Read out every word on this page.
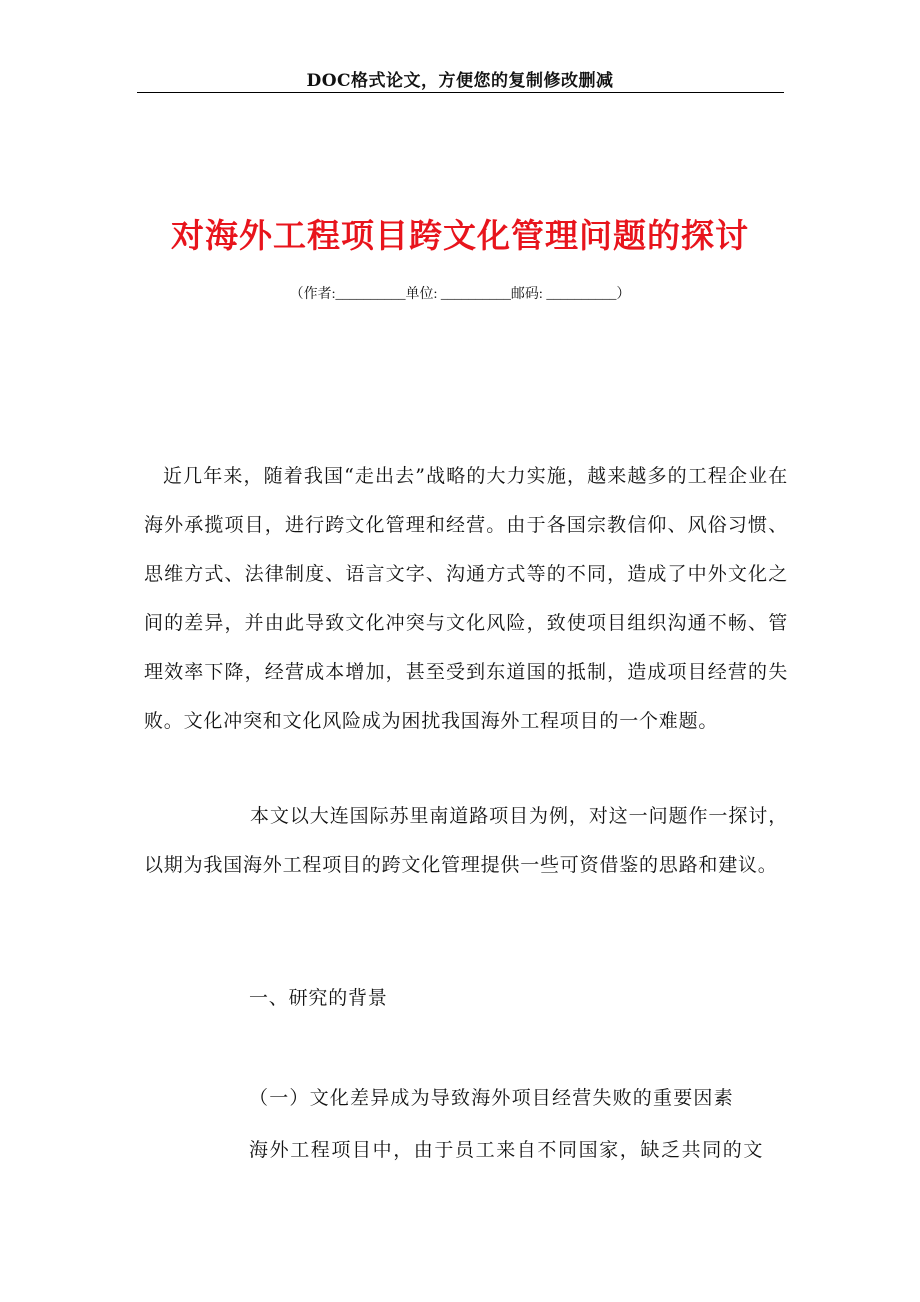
DOC格式论文，方便您的复制修改删减
对海外工程项目跨文化管理问题的探讨
（作者:__________单位: __________邮码: __________）

近几年来，随着我国“走出去”战略的大力实施，越来越多的工程企业在海外承揽项目，进行跨文化管理和经营。由于各国宗教信仰、风俗习惯、思维方式、法律制度、语言文字、沟通方式等的不同，造成了中外文化之间的差异，并由此导致文化冲突与文化风险，致使项目组织沟通不畅、管理效率下降，经营成本增加，甚至受到东道国的抵制，造成项目经营的失败。文化冲突和文化风险成为困扰我国海外工程项目的一个难题。

本文以大连国际苏里南道路项目为例，对这一问题作一探讨，以期为我国海外工程项目的跨文化管理提供一些可资借鉴的思路和建议。

一、研究的背景

（一）文化差异成为导致海外项目经营失败的重要因素

海外工程项目中，由于员工来自不同国家，缺乏共同的文
